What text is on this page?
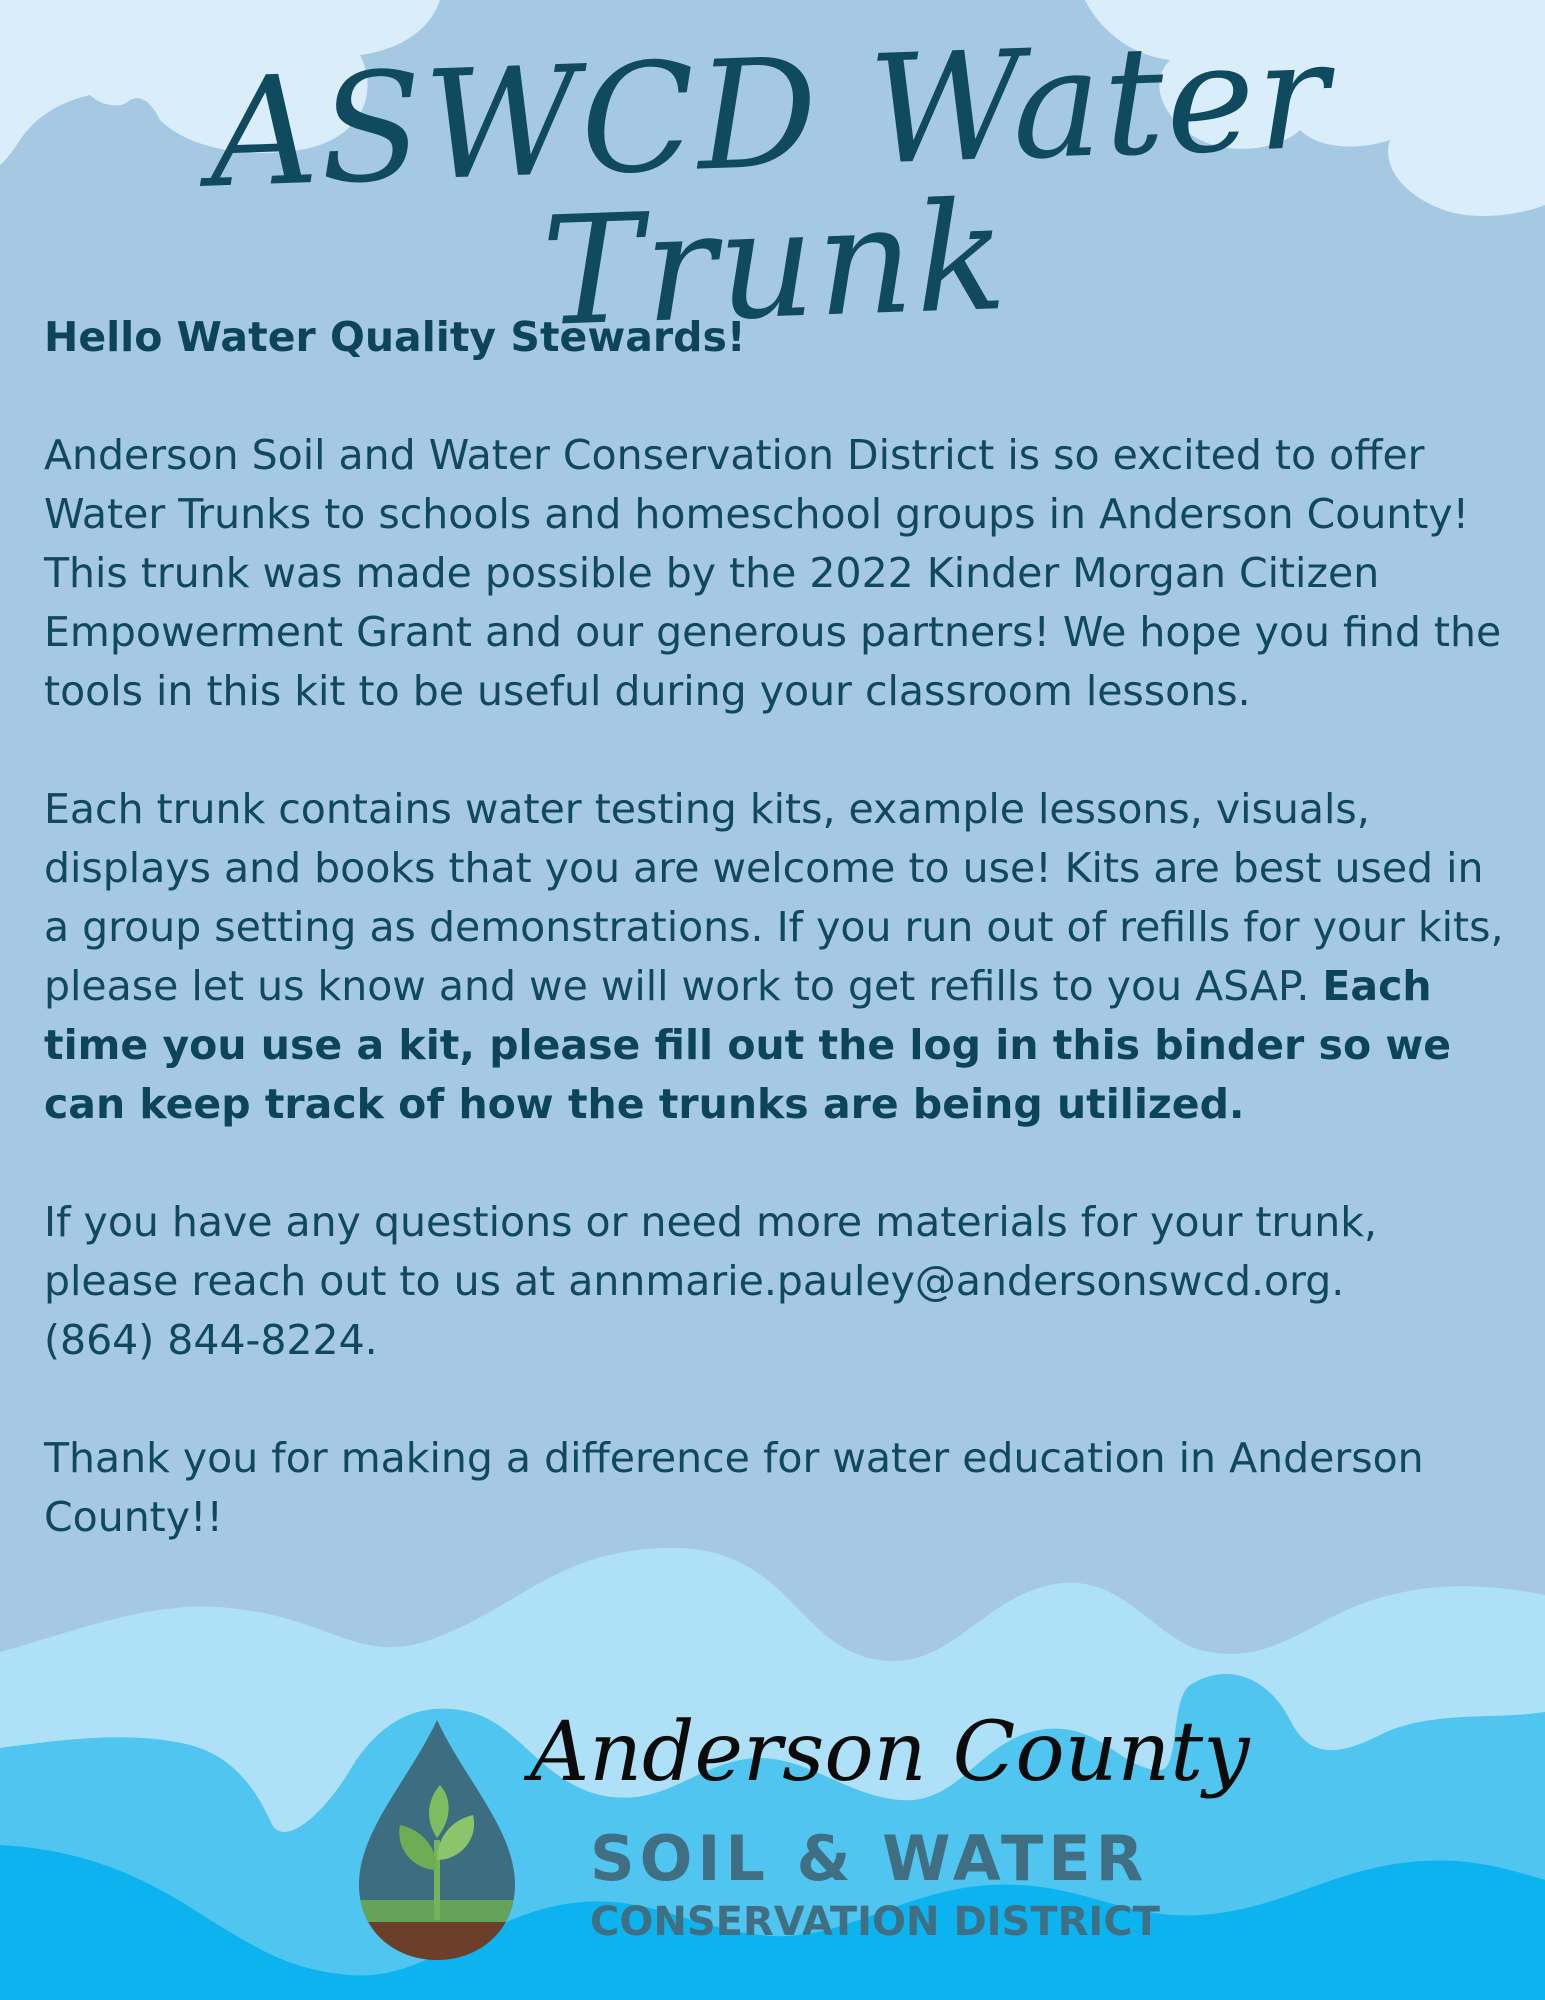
ASWCD Water Trunk

Hello Water Quality Stewards!

Anderson Soil and Water Conservation District is so excited to offer Water Trunks to schools and homeschool groups in Anderson County! This trunk was made possible by the 2022 Kinder Morgan Citizen Empowerment Grant and our generous partners! We hope you find the tools in this kit to be useful during your classroom lessons.

Each trunk contains water testing kits, example lessons, visuals, displays and books that you are welcome to use! Kits are best used in a group setting as demonstrations. If you run out of refills for your kits, please let us know and we will work to get refills to you ASAP. Each time you use a kit, please fill out the log in this binder so we can keep track of how the trunks are being utilized.

If you have any questions or need more materials for your trunk, please reach out to us at annmarie.pauley@andersonswcd.org.
(864) 844-8224.

Thank you for making a difference for water education in Anderson County!!

Anderson County
SOIL & WATER
CONSERVATION DISTRICT
